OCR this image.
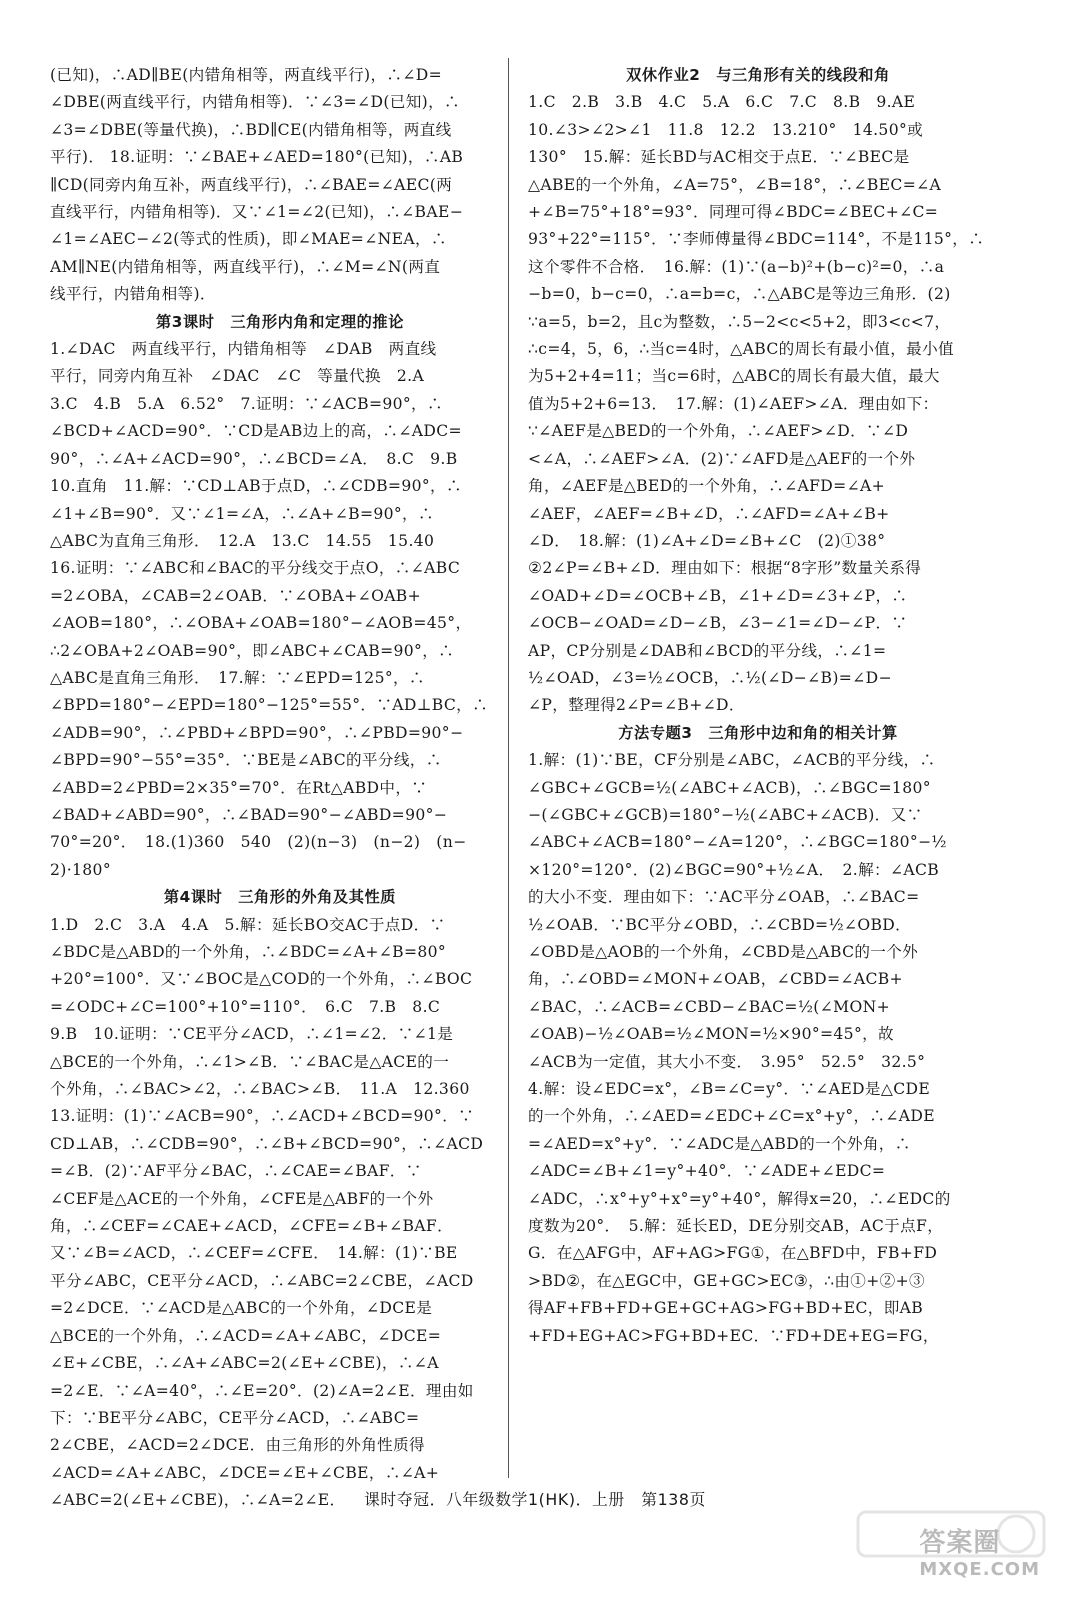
(已知)，∴AD∥BE(内错角相等，两直线平行)，∴∠D=
∠DBE(两直线平行，内错角相等)．∵∠3=∠D(已知)，∴
∠3=∠DBE(等量代换)，∴BD∥CE(内错角相等，两直线
平行)． 18.证明：∵∠BAE+∠AED=180°(已知)，∴AB
∥CD(同旁内角互补，两直线平行)，∴∠BAE=∠AEC(两
直线平行，内错角相等)．又∵∠1=∠2(已知)，∴∠BAE−
∠1=∠AEC−∠2(等式的性质)，即∠MAE=∠NEA，∴
AM∥NE(内错角相等，两直线平行)，∴∠M=∠N(两直
线平行，内错角相等)．
第3课时　三角形内角和定理的推论
1.∠DAC　两直线平行，内错角相等　∠DAB　两直线
平行，同旁内角互补　∠DAC　∠C　等量代换　2.A
3.C　4.B　5.A　6.52°　7.证明：∵∠ACB=90°，∴
∠BCD+∠ACD=90°．∵CD是AB边上的高，∴∠ADC=
90°，∴∠A+∠ACD=90°，∴∠BCD=∠A．　8.C　9.B
10.直角　11.解：∵CD⊥AB于点D，∴∠CDB=90°，∴
∠1+∠B=90°．又∵∠1=∠A，∴∠A+∠B=90°，∴
△ABC为直角三角形．　12.A　13.C　14.55　15.40
16.证明：∵∠ABC和∠BAC的平分线交于点O，∴∠ABC
=2∠OBA，∠CAB=2∠OAB．∵∠OBA+∠OAB+
∠AOB=180°，∴∠OBA+∠OAB=180°−∠AOB=45°，
∴2∠OBA+2∠OAB=90°，即∠ABC+∠CAB=90°，∴
△ABC是直角三角形．　17.解：∵∠EPD=125°，∴
∠BPD=180°−∠EPD=180°−125°=55°．∵AD⊥BC，∴
∠ADB=90°，∴∠PBD+∠BPD=90°，∴∠PBD=90°−
∠BPD=90°−55°=35°．∵BE是∠ABC的平分线，∴
∠ABD=2∠PBD=2×35°=70°．在Rt△ABD中，∵
∠BAD+∠ABD=90°，∴∠BAD=90°−∠ABD=90°−
70°=20°．　18.(1)360　540　(2)(n−3)　(n−2)　(n−
2)·180°
第4课时　三角形的外角及其性质
1.D　2.C　3.A　4.A　5.解：延长BO交AC于点D．∵
∠BDC是△ABD的一个外角，∴∠BDC=∠A+∠B=80°
+20°=100°．又∵∠BOC是△COD的一个外角，∴∠BOC
=∠ODC+∠C=100°+10°=110°．　6.C　7.B　8.C
9.B　10.证明：∵CE平分∠ACD，∴∠1=∠2．∵∠1是
△BCE的一个外角，∴∠1>∠B．∵∠BAC是△ACE的一
个外角，∴∠BAC>∠2，∴∠BAC>∠B．　11.A　12.360
13.证明：(1)∵∠ACB=90°，∴∠ACD+∠BCD=90°．∵
CD⊥AB，∴∠CDB=90°，∴∠B+∠BCD=90°，∴∠ACD
=∠B．(2)∵AF平分∠BAC，∴∠CAE=∠BAF．∵
∠CEF是△ACE的一个外角，∠CFE是△ABF的一个外
角，∴∠CEF=∠CAE+∠ACD，∠CFE=∠B+∠BAF．
又∵∠B=∠ACD，∴∠CEF=∠CFE．　14.解：(1)∵BE
平分∠ABC，CE平分∠ACD，∴∠ABC=2∠CBE，∠ACD
=2∠DCE．∵∠ACD是△ABC的一个外角，∠DCE是
△BCE的一个外角，∴∠ACD=∠A+∠ABC，∠DCE=
∠E+∠CBE，∴∠A+∠ABC=2(∠E+∠CBE)，∴∠A
=2∠E．∵∠A=40°，∴∠E=20°．(2)∠A=2∠E．理由如
下：∵BE平分∠ABC，CE平分∠ACD，∴∠ABC=
2∠CBE，∠ACD=2∠DCE．由三角形的外角性质得
∠ACD=∠A+∠ABC，∠DCE=∠E+∠CBE，∴∠A+
∠ABC=2(∠E+∠CBE)，∴∠A=2∠E．
双休作业2　与三角形有关的线段和角
1.C　2.B　3.B　4.C　5.A　6.C　7.C　8.B　9.AE
10.∠3>∠2>∠1　11.8　12.2　13.210°　14.50°或
130°　15.解：延长BD与AC相交于点E．∵∠BEC是
△ABE的一个外角，∠A=75°，∠B=18°，∴∠BEC=∠A
+∠B=75°+18°=93°．同理可得∠BDC=∠BEC+∠C=
93°+22°=115°．∵李师傅量得∠BDC=114°，不是115°，∴
这个零件不合格．　16.解：(1)∵(a−b)²+(b−c)²=0，∴a
−b=0，b−c=0，∴a=b=c，∴△ABC是等边三角形．(2)
∵a=5，b=2，且c为整数，∴5−2<c<5+2，即3<c<7，
∴c=4，5，6，∴当c=4时，△ABC的周长有最小值，最小值
为5+2+4=11；当c=6时，△ABC的周长有最大值，最大
值为5+2+6=13．　17.解：(1)∠AEF>∠A．理由如下：
∵∠AEF是△BED的一个外角，∴∠AEF>∠D．∵∠D
<∠A，∴∠AEF>∠A．(2)∵∠AFD是△AEF的一个外
角，∠AEF是△BED的一个外角，∴∠AFD=∠A+
∠AEF，∠AEF=∠B+∠D，∴∠AFD=∠A+∠B+
∠D．　18.解：(1)∠A+∠D=∠B+∠C　(2)①38°
②2∠P=∠B+∠D．理由如下：根据“8字形”数量关系得
∠OAD+∠D=∠OCB+∠B，∠1+∠D=∠3+∠P，∴
∠OCB−∠OAD=∠D−∠B，∠3−∠1=∠D−∠P．∵
AP，CP分别是∠DAB和∠BCD的平分线，∴∠1=
½∠OAD，∠3=½∠OCB，∴½(∠D−∠B)=∠D−
∠P，整理得2∠P=∠B+∠D．
方法专题3　三角形中边和角的相关计算
1.解：(1)∵BE，CF分别是∠ABC，∠ACB的平分线，∴
∠GBC+∠GCB=½(∠ABC+∠ACB)，∴∠BGC=180°
−(∠GBC+∠GCB)=180°−½(∠ABC+∠ACB)．又∵
∠ABC+∠ACB=180°−∠A=120°，∴∠BGC=180°−½
×120°=120°．(2)∠BGC=90°+½∠A．　2.解：∠ACB
的大小不变．理由如下：∵AC平分∠OAB，∴∠BAC=
½∠OAB．∵BC平分∠OBD，∴∠CBD=½∠OBD．
∠OBD是△AOB的一个外角，∠CBD是△ABC的一个外
角，∴∠OBD=∠MON+∠OAB，∠CBD=∠ACB+
∠BAC，∴∠ACB=∠CBD−∠BAC=½(∠MON+
∠OAB)−½∠OAB=½∠MON=½×90°=45°，故
∠ACB为一定值，其大小不变．　3.95°　52.5°　32.5°
4.解：设∠EDC=x°，∠B=∠C=y°．∵∠AED是△CDE
的一个外角，∴∠AED=∠EDC+∠C=x°+y°，∴∠ADE
=∠AED=x°+y°．∵∠ADC是△ABD的一个外角，∴
∠ADC=∠B+∠1=y°+40°．∵∠ADE+∠EDC=
∠ADC，∴x°+y°+x°=y°+40°，解得x=20，∴∠EDC的
度数为20°．　5.解：延长ED，DE分别交AB，AC于点F，
G．在△AFG中，AF+AG>FG①，在△BFD中，FB+FD
>BD②，在△EGC中，GE+GC>EC③，∴由①+②+③
得AF+FB+FD+GE+GC+AG>FG+BD+EC，即AB
+FD+EG+AC>FG+BD+EC．∵FD+DE+EG=FG，
课时夺冠．八年级数学1(HK)．上册　第138页
答案圈
MXQE.COM
